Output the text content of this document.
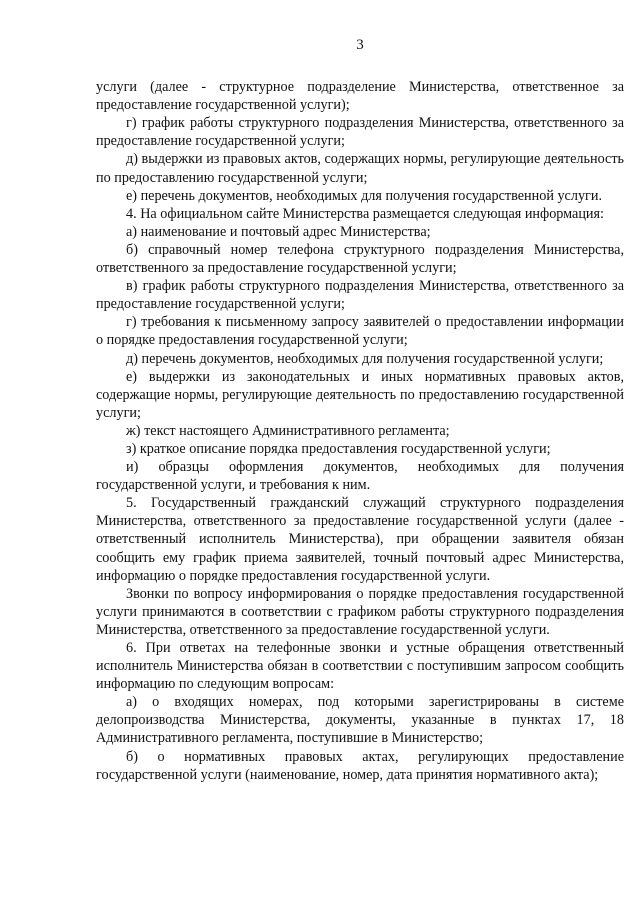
3

услуги (далее - структурное подразделение Министерства, ответственное за предоставление государственной услуги);

г) график работы структурного подразделения Министерства, ответственного за предоставление государственной услуги;

д) выдержки из правовых актов, содержащих нормы, регулирующие деятельность по предоставлению государственной услуги;

е) перечень документов, необходимых для получения государственной услуги.

4. На официальном сайте Министерства размещается следующая информация:

а) наименование и почтовый адрес Министерства;

б) справочный номер телефона структурного подразделения Министерства, ответственного за предоставление государственной услуги;

в) график работы структурного подразделения Министерства, ответственного за предоставление государственной услуги;

г) требования к письменному запросу заявителей о предоставлении информации о порядке предоставления государственной услуги;

д) перечень документов, необходимых для получения государственной услуги;

е) выдержки из законодательных и иных нормативных правовых актов, содержащие нормы, регулирующие деятельность по предоставлению государственной услуги;

ж) текст настоящего Административного регламента;

з) краткое описание порядка предоставления государственной услуги;

и) образцы оформления документов, необходимых для получения государственной услуги, и требования к ним.

5. Государственный гражданский служащий структурного подразделения Министерства, ответственного за предоставление государственной услуги (далее - ответственный исполнитель Министерства), при обращении заявителя обязан сообщить ему график приема заявителей, точный почтовый адрес Министерства, информацию о порядке предоставления государственной услуги.

Звонки по вопросу информирования о порядке предоставления государственной услуги принимаются в соответствии с графиком работы структурного подразделения Министерства, ответственного за предоставление государственной услуги.

6. При ответах на телефонные звонки и устные обращения ответственный исполнитель Министерства обязан в соответствии с поступившим запросом сообщить информацию по следующим вопросам:

а) о входящих номерах, под которыми зарегистрированы в системе делопроизводства Министерства, документы, указанные в пунктах 17, 18 Административного регламента, поступившие в Министерство;

б) о нормативных правовых актах, регулирующих предоставление государственной услуги (наименование, номер, дата принятия нормативного акта);
